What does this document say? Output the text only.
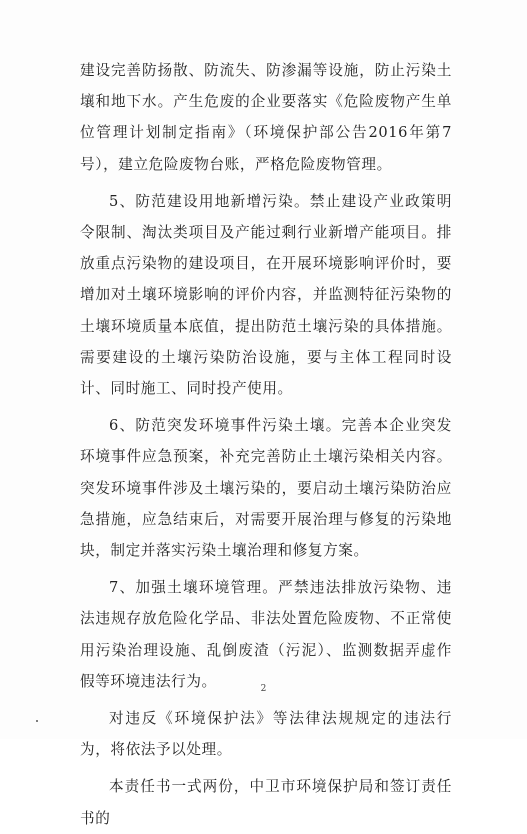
建设完善防扬散、防流失、防渗漏等设施，防止污染土壤和地下水。产生危废的企业要落实《危险废物产生单位管理计划制定指南》（环境保护部公告2016年第7号），建立危险废物台账，严格危险废物管理。

5、防范建设用地新增污染。禁止建设产业政策明令限制、淘汰类项目及产能过剩行业新增产能项目。排放重点污染物的建设项目，在开展环境影响评价时，要增加对土壤环境影响的评价内容，并监测特征污染物的土壤环境质量本底值，提出防范土壤污染的具体措施。需要建设的土壤污染防治设施，要与主体工程同时设计、同时施工、同时投产使用。

6、防范突发环境事件污染土壤。完善本企业突发环境事件应急预案，补充完善防止土壤污染相关内容。突发环境事件涉及土壤污染的，要启动土壤污染防治应急措施，应急结束后，对需要开展治理与修复的污染地块，制定并落实污染土壤治理和修复方案。

7、加强土壤环境管理。严禁违法排放污染物、违法违规存放危险化学品、非法处置危险废物、不正常使用污染治理设施、乱倒废渣（污泥）、监测数据弄虚作假等环境违法行为。

对违反《环境保护法》等法律法规规定的违法行为，将依法予以处理。

本责任书一式两份，中卫市环境保护局和签订责任书的

2
